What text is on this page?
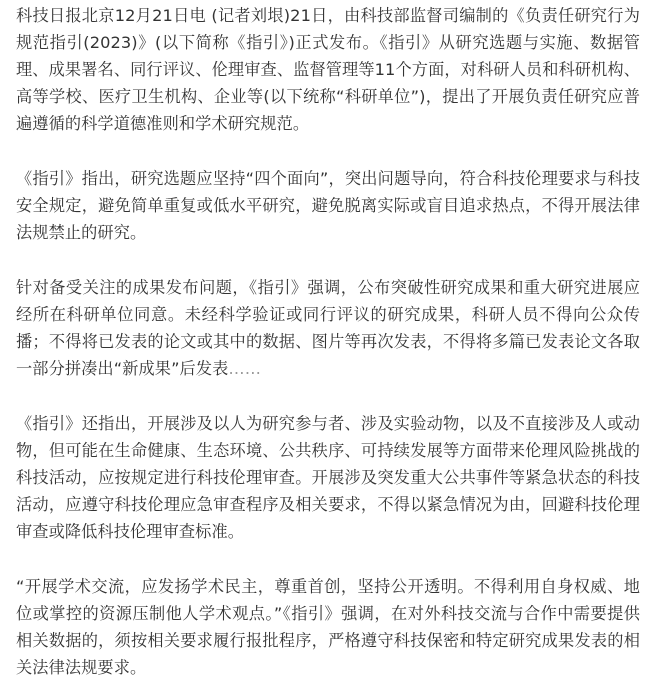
科技日报北京12月21日电 (记者刘垠)21日，由科技部监督司编制的《负责任研究行为规范指引(2023)》(以下简称《指引》)正式发布。《指引》从研究选题与实施、数据管理、成果署名、同行评议、伦理审查、监督管理等11个方面，对科研人员和科研机构、高等学校、医疗卫生机构、企业等(以下统称“科研单位”)，提出了开展负责任研究应普遍遵循的科学道德准则和学术研究规范。

《指引》指出，研究选题应坚持“四个面向”，突出问题导向，符合科技伦理要求与科技安全规定，避免简单重复或低水平研究，避免脱离实际或盲目追求热点，不得开展法律法规禁止的研究。

针对备受关注的成果发布问题，《指引》强调，公布突破性研究成果和重大研究进展应经所在科研单位同意。未经科学验证或同行评议的研究成果，科研人员不得向公众传播；不得将已发表的论文或其中的数据、图片等再次发表，不得将多篇已发表论文各取一部分拼凑出“新成果”后发表……

《指引》还指出，开展涉及以人为研究参与者、涉及实验动物，以及不直接涉及人或动物，但可能在生命健康、生态环境、公共秩序、可持续发展等方面带来伦理风险挑战的科技活动，应按规定进行科技伦理审查。开展涉及突发重大公共事件等紧急状态的科技活动，应遵守科技伦理应急审查程序及相关要求，不得以紧急情况为由，回避科技伦理审查或降低科技伦理审查标准。

“开展学术交流，应发扬学术民主，尊重首创，坚持公开透明。不得利用自身权威、地位或掌控的资源压制他人学术观点。”《指引》强调，在对外科技交流与合作中需要提供相关数据的，须按相关要求履行报批程序，严格遵守科技保密和特定研究成果发表的相关法律法规要求。
